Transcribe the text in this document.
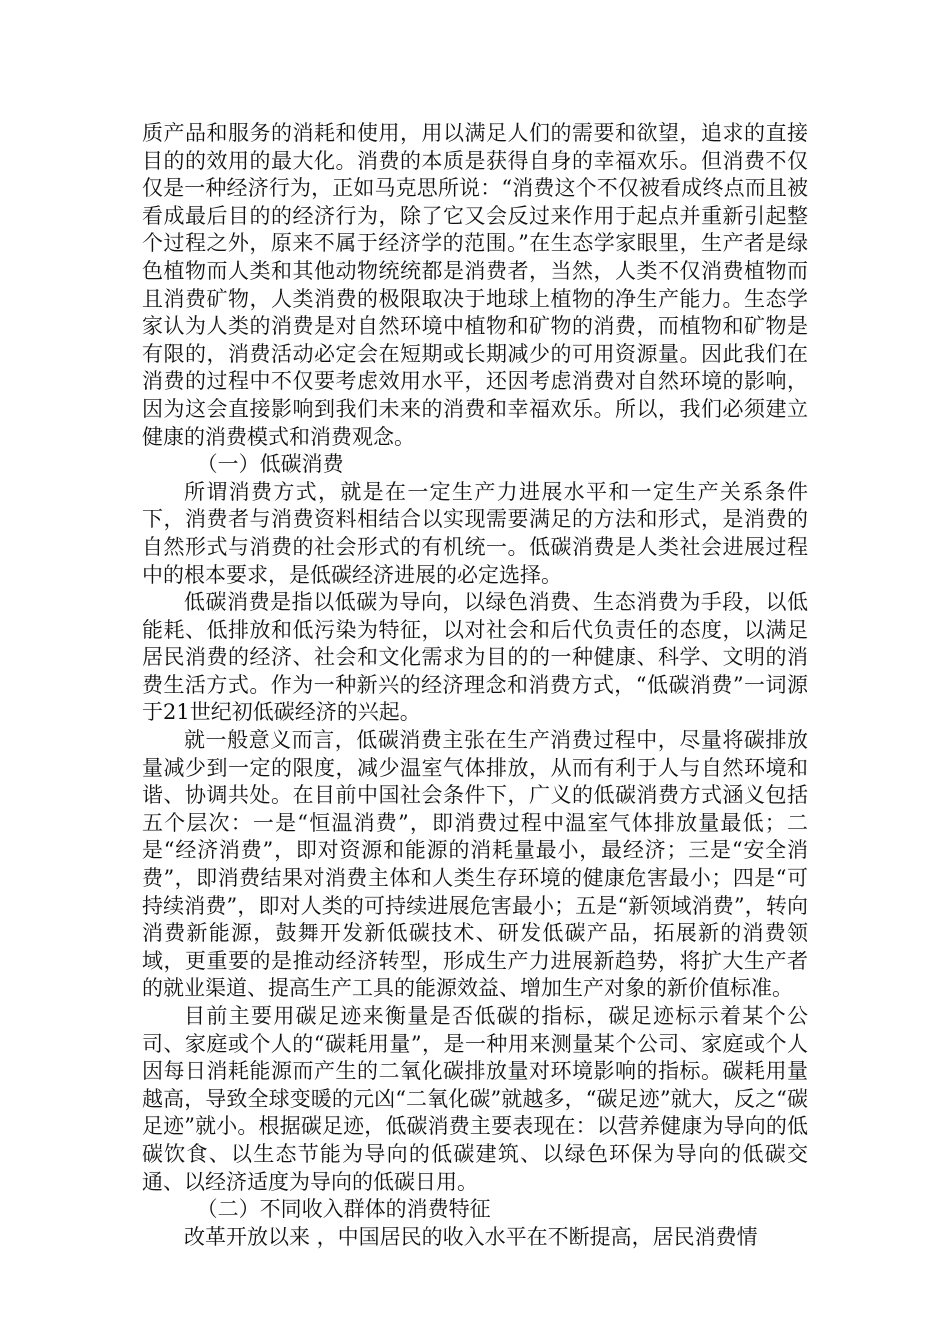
质产品和服务的消耗和使用，用以满足人们的需要和欲望，追求的直接目的的效用的最大化。消费的本质是获得自身的幸福欢乐。但消费不仅仅是一种经济行为，正如马克思所说：“消费这个不仅被看成终点而且被看成最后目的的经济行为，除了它又会反过来作用于起点并重新引起整个过程之外，原来不属于经济学的范围。”在生态学家眼里，生产者是绿色植物而人类和其他动物统统都是消费者，当然，人类不仅消费植物而且消费矿物，人类消费的极限取决于地球上植物的净生产能力。生态学家认为人类的消费是对自然环境中植物和矿物的消费，而植物和矿物是有限的，消费活动必定会在短期或长期减少的可用资源量。因此我们在消费的过程中不仅要考虑效用水平，还因考虑消费对自然环境的影响，因为这会直接影响到我们未来的消费和幸福欢乐。所以，我们必须建立健康的消费模式和消费观念。

（一）低碳消费

所谓消费方式，就是在一定生产力进展水平和一定生产关系条件下，消费者与消费资料相结合以实现需要满足的方法和形式，是消费的自然形式与消费的社会形式的有机统一。低碳消费是人类社会进展过程中的根本要求，是低碳经济进展的必定选择。

低碳消费是指以低碳为导向，以绿色消费、生态消费为手段，以低能耗、低排放和低污染为特征，以对社会和后代负责任的态度，以满足居民消费的经济、社会和文化需求为目的的一种健康、科学、文明的消费生活方式。作为一种新兴的经济理念和消费方式，“低碳消费”一词源于21世纪初低碳经济的兴起。

就一般意义而言，低碳消费主张在生产消费过程中，尽量将碳排放量减少到一定的限度，减少温室气体排放，从而有利于人与自然环境和谐、协调共处。在目前中国社会条件下，广义的低碳消费方式涵义包括五个层次：一是“恒温消费”，即消费过程中温室气体排放量最低；二是“经济消费”，即对资源和能源的消耗量最小，最经济；三是“安全消费”，即消费结果对消费主体和人类生存环境的健康危害最小；四是“可持续消费”，即对人类的可持续进展危害最小；五是“新领域消费”，转向消费新能源，鼓舞开发新低碳技术、研发低碳产品，拓展新的消费领域，更重要的是推动经济转型，形成生产力进展新趋势，将扩大生产者的就业渠道、提高生产工具的能源效益、增加生产对象的新价值标准。

目前主要用碳足迹来衡量是否低碳的指标，碳足迹标示着某个公司、家庭或个人的“碳耗用量”，是一种用来测量某个公司、家庭或个人因每日消耗能源而产生的二氧化碳排放量对环境影响的指标。碳耗用量越高，导致全球变暖的元凶“二氧化碳”就越多，“碳足迹”就大，反之“碳足迹”就小。根据碳足迹，低碳消费主要表现在：以营养健康为导向的低碳饮食、以生态节能为导向的低碳建筑、以绿色环保为导向的低碳交通、以经济适度为导向的低碳日用。

（二）不同收入群体的消费特征

改革开放以来 ，中国居民的收入水平在不断提高，居民消费情
